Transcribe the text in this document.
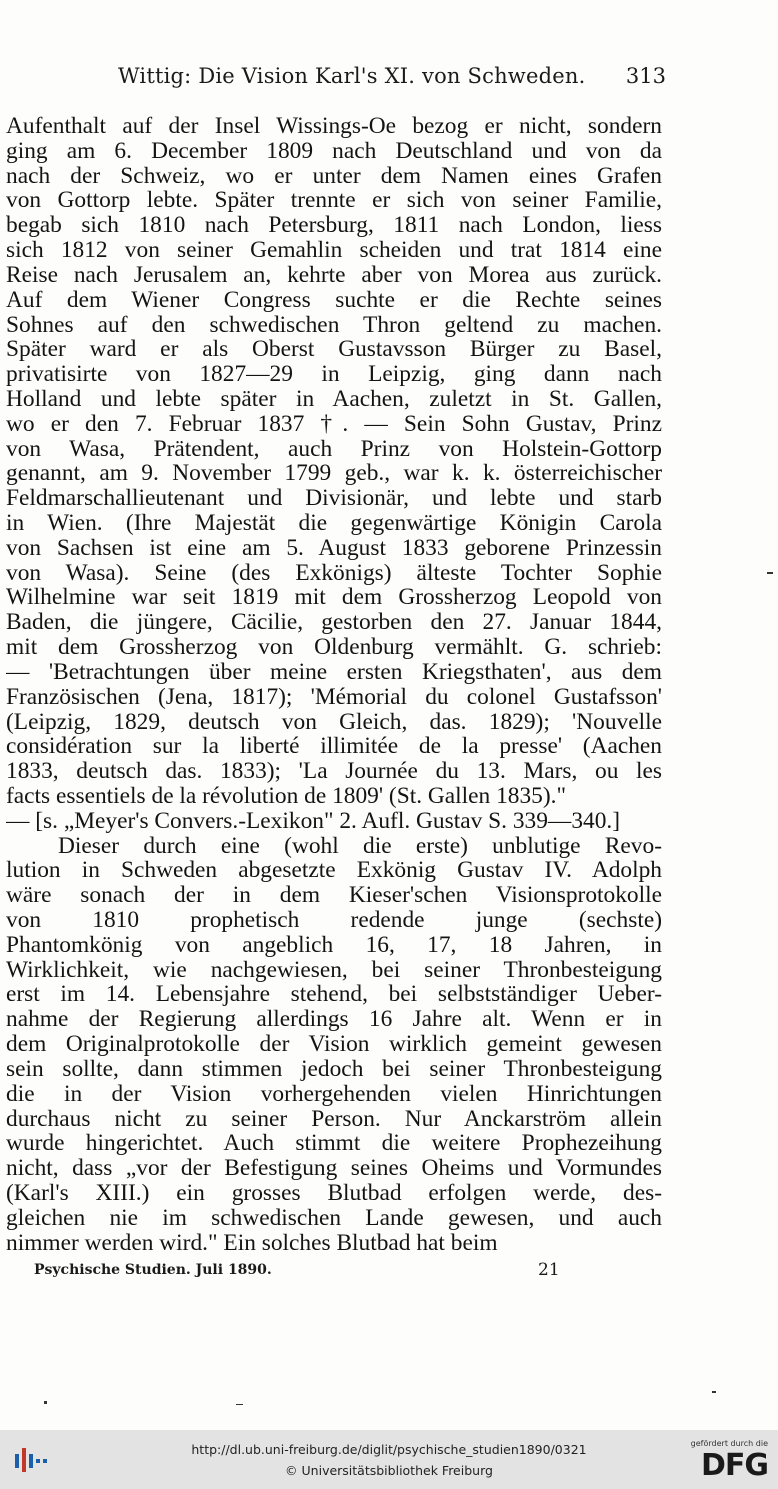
Wittig: Die Vision Karl's XI. von Schweden. 313
Aufenthalt auf der Insel Wissings-Oe bezog er nicht, sondern
ging am 6. December 1809 nach Deutschland und von da
nach der Schweiz, wo er unter dem Namen eines Grafen
von Gottorp lebte. Später trennte er sich von seiner Familie,
begab sich 1810 nach Petersburg, 1811 nach London, liess
sich 1812 von seiner Gemahlin scheiden und trat 1814 eine
Reise nach Jerusalem an, kehrte aber von Morea aus zurück.
Auf dem Wiener Congress suchte er die Rechte seines
Sohnes auf den schwedischen Thron geltend zu machen.
Später ward er als Oberst Gustavsson Bürger zu Basel,
privatisirte von 1827—29 in Leipzig, ging dann nach
Holland und lebte später in Aachen, zuletzt in St. Gallen,
wo er den 7. Februar 1837 †. — Sein Sohn Gustav, Prinz
von Wasa, Prätendent, auch Prinz von Holstein-Gottorp
genannt, am 9. November 1799 geb., war k. k. österreichischer
Feldmarschallieutenant und Divisionär, und lebte und starb
in Wien. (Ihre Majestät die gegenwärtige Königin Carola
von Sachsen ist eine am 5. August 1833 geborene Prinzessin
von Wasa). Seine (des Exkönigs) älteste Tochter Sophie
Wilhelmine war seit 1819 mit dem Grossherzog Leopold von
Baden, die jüngere, Cäcilie, gestorben den 27. Januar 1844,
mit dem Grossherzog von Oldenburg vermählt. G. schrieb:
— 'Betrachtungen über meine ersten Kriegsthaten', aus dem
Französischen (Jena, 1817); 'Mémorial du colonel Gustafsson'
(Leipzig, 1829, deutsch von Gleich, das. 1829); 'Nouvelle
considération sur la liberté illimitée de la presse' (Aachen
1833, deutsch das. 1833); 'La Journée du 13. Mars, ou les
facts essentiels de la révolution de 1809' (St. Gallen 1835)."
— [s. „Meyer's Convers.-Lexikon" 2. Aufl. Gustav S. 339—340.]
Dieser durch eine (wohl die erste) unblutige Revo-
lution in Schweden abgesetzte Exkönig Gustav IV. Adolph
wäre sonach der in dem Kieser'schen Visionsprotokolle
von 1810 prophetisch redende junge (sechste)
Phantomkönig von angeblich 16, 17, 18 Jahren, in
Wirklichkeit, wie nachgewiesen, bei seiner Thronbesteigung
erst im 14. Lebensjahre stehend, bei selbstständiger Ueber-
nahme der Regierung allerdings 16 Jahre alt. Wenn er in
dem Originalprotokolle der Vision wirklich gemeint gewesen
sein sollte, dann stimmen jedoch bei seiner Thronbesteigung
die in der Vision vorhergehenden vielen Hinrichtungen
durchaus nicht zu seiner Person. Nur Anckarström allein
wurde hingerichtet. Auch stimmt die weitere Prophezeihung
nicht, dass „vor der Befestigung seines Oheims und Vormundes
(Karl's XIII.) ein grosses Blutbad erfolgen werde, des-
gleichen nie im schwedischen Lande gewesen, und auch
nimmer werden wird." Ein solches Blutbad hat beim
Psychische Studien. Juli 1890.	21
http://dl.ub.uni-freiburg.de/diglit/psychische_studien1890/0321
© Universitätsbibliothek Freiburg
gefördert durch die
DFG
